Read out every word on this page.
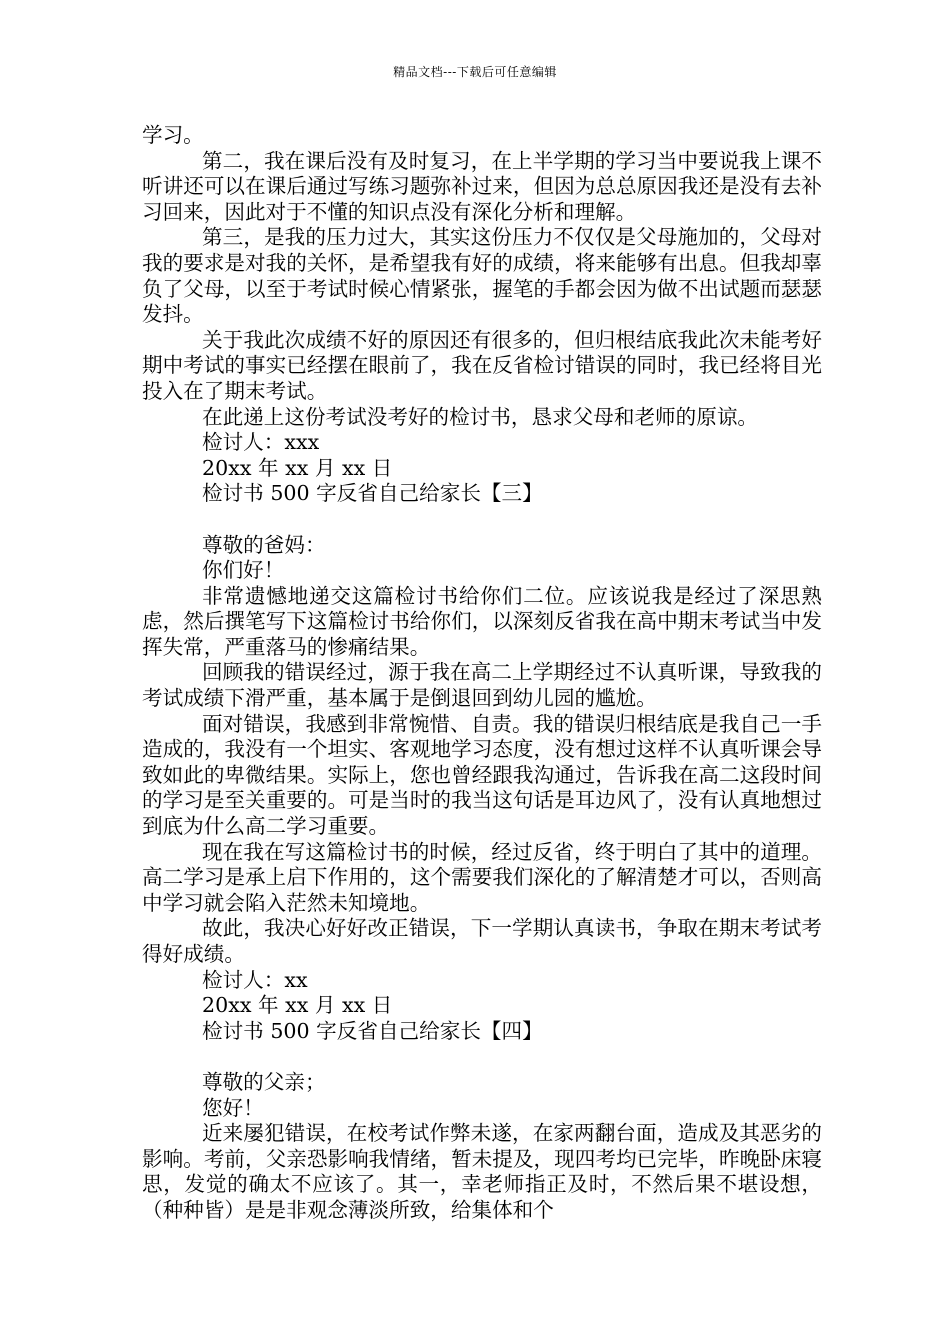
精品文档---下载后可任意编辑

学习。

第二，我在课后没有及时复习，在上半学期的学习当中要说我上课不听讲还可以在课后通过写练习题弥补过来，但因为总总原因我还是没有去补习回来，因此对于不懂的知识点没有深化分析和理解。

第三，是我的压力过大，其实这份压力不仅仅是父母施加的，父母对我的要求是对我的关怀，是希望我有好的成绩，将来能够有出息。但我却辜负了父母，以至于考试时候心情紧张，握笔的手都会因为做不出试题而瑟瑟发抖。

关于我此次成绩不好的原因还有很多的，但归根结底我此次未能考好期中考试的事实已经摆在眼前了，我在反省检讨错误的同时，我已经将目光投入在了期末考试。

在此递上这份考试没考好的检讨书，恳求父母和老师的原谅。

检讨人：xxx

20xx 年 xx 月 xx 日

检讨书 500 字反省自己给家长【三】

尊敬的爸妈：

你们好！

非常遗憾地递交这篇检讨书给你们二位。应该说我是经过了深思熟虑，然后撰笔写下这篇检讨书给你们，以深刻反省我在高中期末考试当中发挥失常，严重落马的惨痛结果。

回顾我的错误经过，源于我在高二上学期经过不认真听课，导致我的考试成绩下滑严重，基本属于是倒退回到幼儿园的尴尬。

面对错误，我感到非常惋惜、自责。我的错误归根结底是我自己一手造成的，我没有一个坦实、客观地学习态度，没有想过这样不认真听课会导致如此的卑微结果。实际上，您也曾经跟我沟通过，告诉我在高二这段时间的学习是至关重要的。可是当时的我当这句话是耳边风了，没有认真地想过到底为什么高二学习重要。

现在我在写这篇检讨书的时候，经过反省，终于明白了其中的道理。高二学习是承上启下作用的，这个需要我们深化的了解清楚才可以，否则高中学习就会陷入茫然未知境地。

故此，我决心好好改正错误，下一学期认真读书，争取在期末考试考得好成绩。

检讨人：xx

20xx 年 xx 月 xx 日

检讨书 500 字反省自己给家长【四】

尊敬的父亲；

您好！

近来屡犯错误，在校考试作弊未遂，在家两翻台面，造成及其恶劣的影响。考前，父亲恐影响我情绪，暂未提及，现四考均已完毕，昨晚卧床寝思，发觉的确太不应该了。其一，幸老师指正及时，不然后果不堪设想，（种种皆）是是非观念薄淡所致，给集体和个
